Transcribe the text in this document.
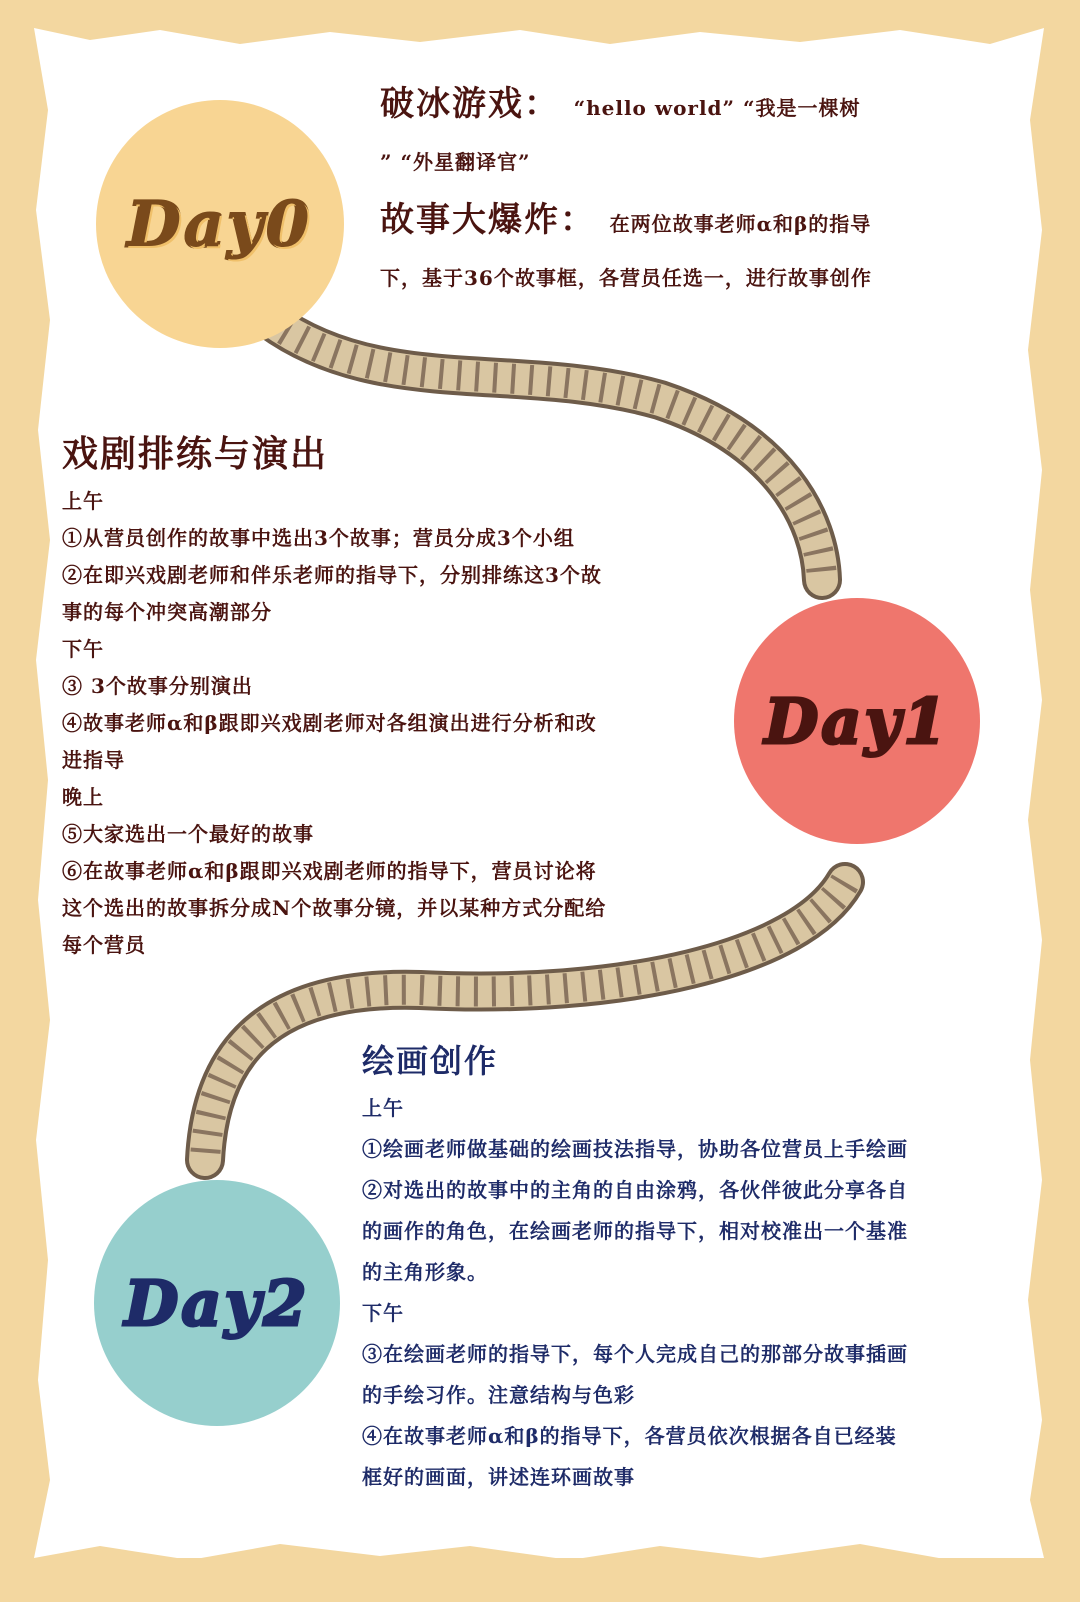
Day0
破冰游戏： “hello world” “我是一棵树
” “外星翻译官”
故事大爆炸： 在两位故事老师α和β的指导
下，基于36个故事框，各营员任选一，进行故事创作
戏剧排练与演出
上午
①从营员创作的故事中选出3个故事；营员分成3个小组
②在即兴戏剧老师和伴乐老师的指导下，分别排练这3个故
事的每个冲突高潮部分
下午
③ 3个故事分别演出
④故事老师α和β跟即兴戏剧老师对各组演出进行分析和改
进指导
晚上
⑤大家选出一个最好的故事
⑥在故事老师α和β跟即兴戏剧老师的指导下，营员讨论将
这个选出的故事拆分成N个故事分镜，并以某种方式分配给
每个营员
Day1
Day2
绘画创作
上午
①绘画老师做基础的绘画技法指导，协助各位营员上手绘画
②对选出的故事中的主角的自由涂鸦，各伙伴彼此分享各自
的画作的角色，在绘画老师的指导下，相对校准出一个基准
的主角形象。
下午
③在绘画老师的指导下，每个人完成自己的那部分故事插画
的手绘习作。注意结构与色彩
④在故事老师α和β的指导下，各营员依次根据各自已经装
框好的画面，讲述连环画故事
